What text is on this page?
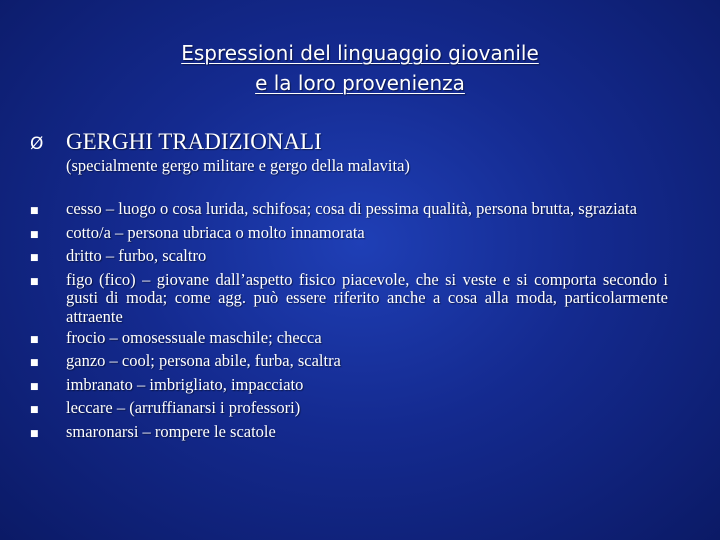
Espressioni del linguaggio giovanile
e la loro provenienza
Ø GERGHI TRADIZIONALI
(specialmente gergo militare e gergo della malavita)
■	cesso – luogo o cosa lurida, schifosa; cosa di pessima qualità, persona brutta, sgraziata
■	cotto/a – persona ubriaca o molto innamorata
■	dritto – furbo, scaltro
■	figo (fico) – giovane dall’aspetto fisico piacevole, che si veste e si comporta secondo i gusti di moda; come agg. può essere riferito anche a cosa alla moda, particolarmente attraente
■	frocio – omosessuale maschile; checca
■	ganzo – cool; persona abile, furba, scaltra
■	imbranato – imbrigliato, impacciato
■	leccare – (arruffianarsi i professori)
■	smaronarsi – rompere le scatole
